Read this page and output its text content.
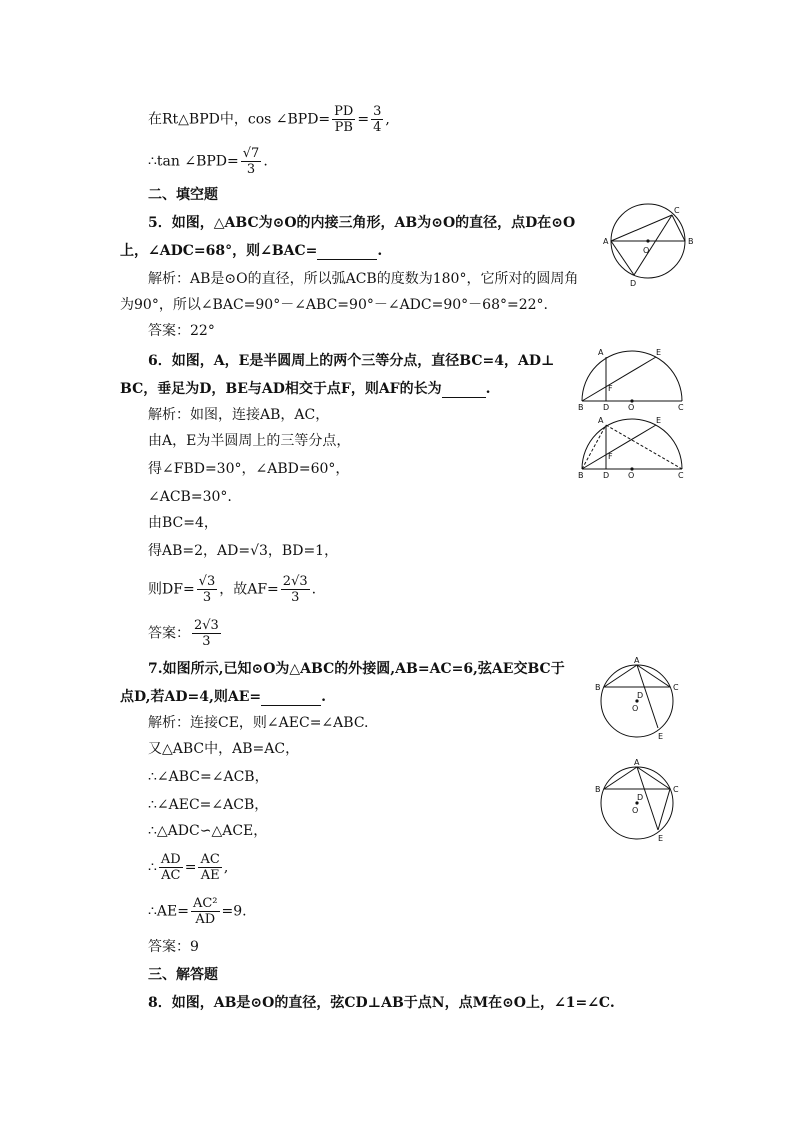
在Rt△BPD中，cos ∠BPD= $\frac{PD}{PB} = \frac{3}{4}$ ,
∴tan ∠BPD= $\frac{√7}{3}$ .
二、填空题
5．如图，△ABC为⊙O的内接三角形，AB为⊙O的直径，点D在⊙O
上，∠ADC=68°，则∠BAC=	.
解析：AB是⊙O的直径，所以弧ACB的度数为180°，它所对的圆周角
为90°，所以∠BAC=90°－∠ABC=90°－∠ADC=90°－68°=22°.
答案：22°
A	B
C
D
O
6．如图，A，E是半圆周上的两个三等分点，直径BC=4，AD⊥
BC，垂足为D，BE与AD相交于点F，则AF的长为	.
解析：如图，连接AB，AC，
由A，E为半圆周上的三等分点，
得∠FBD=30°，∠ABD=60°，
∠ACB=30°.
由BC=4，
得AB=2，AD=√3，BD=1，
则$DF= \frac{√3}{3}$ ，故$AF= \frac{2√3}{3}$ .
答案： $\frac{2√3}{3}$
A	E
F
B D O	C
A	E
F
B D O	C
7.如图所示,已知⊙O为△ABC的外接圆,AB=AC=6,弦AE交BC于
点D,若AD=4,则AE=	.
解析：连接CE，则∠AEC=∠ABC.
又△ABC中，AB=AC，
∴∠ABC=∠ACB，
∴∠AEC=∠ACB，
∴△ADC∽△ACE，
∴ $\frac{AD}{AC} = \frac{AC}{AE}$ ,
∴AE= $\frac{\text{AC²}}{AD} =9$.
答案：9
A
B	C
D
O
E
A
B	C
D
O
E
三、解答题
8．如图，AB是⊙O的直径，弦CD⊥AB于点N，点M在⊙O上，∠1=∠C.
